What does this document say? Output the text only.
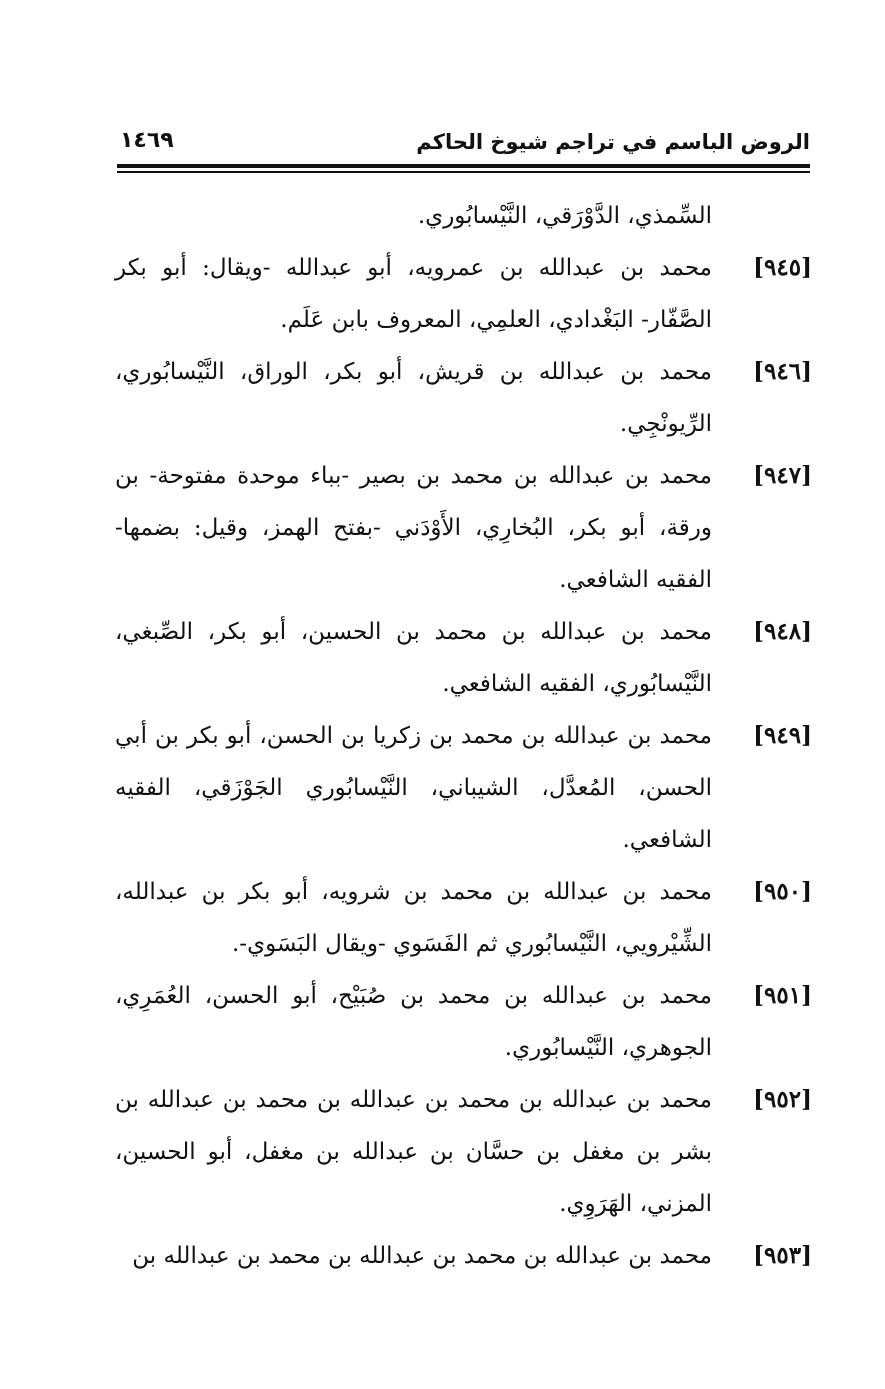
الروض الباسم في تراجم شيوخ الحاكم
١٤٦٩

السِّمذي، الدَّوْرَقي، النَّيْسابُوري.

[٩٤٥]
محمد بن عبدالله بن عمرويه، أبو عبدالله -ويقال: أبو بكر الصَّفّار- البَغْدادي، العلمِي، المعروف بابن عَلَم.

[٩٤٦]
محمد بن عبدالله بن قريش، أبو بكر، الوراق، النَّيْسابُوري، الرِّيونْجِي.

[٩٤٧]
محمد بن عبدالله بن محمد بن بصير -بباء موحدة مفتوحة- بن ورقة، أبو بكر، البُخارِي، الأَوْدَني -بفتح الهمز، وقيل: بضمها- الفقيه الشافعي.

[٩٤٨]
محمد بن عبدالله بن محمد بن الحسين، أبو بكر، الصِّبغي، النَّيْسابُوري، الفقيه الشافعي.

[٩٤٩]
محمد بن عبدالله بن محمد بن زكريا بن الحسن، أبو بكر بن أبي الحسن، المُعدَّل، الشيباني، النَّيْسابُوري الجَوْزَقي، الفقيه الشافعي.

[٩٥٠]
محمد بن عبدالله بن محمد بن شرويه، أبو بكر بن عبدالله، الشِّيْرويي، النَّيْسابُوري ثم الفَسَوي -ويقال البَسَوي-.

[٩٥١]
محمد بن عبدالله بن محمد بن صُبَيْح، أبو الحسن، العُمَرِي، الجوهري، النَّيْسابُوري.

[٩٥٢]
محمد بن عبدالله بن محمد بن عبدالله بن محمد بن عبدالله بن بشر بن مغفل بن حسَّان بن عبدالله بن مغفل، أبو الحسين، المزني، الهَرَوِي.

[٩٥٣]
محمد بن عبدالله بن محمد بن عبدالله بن محمد بن عبدالله بن
